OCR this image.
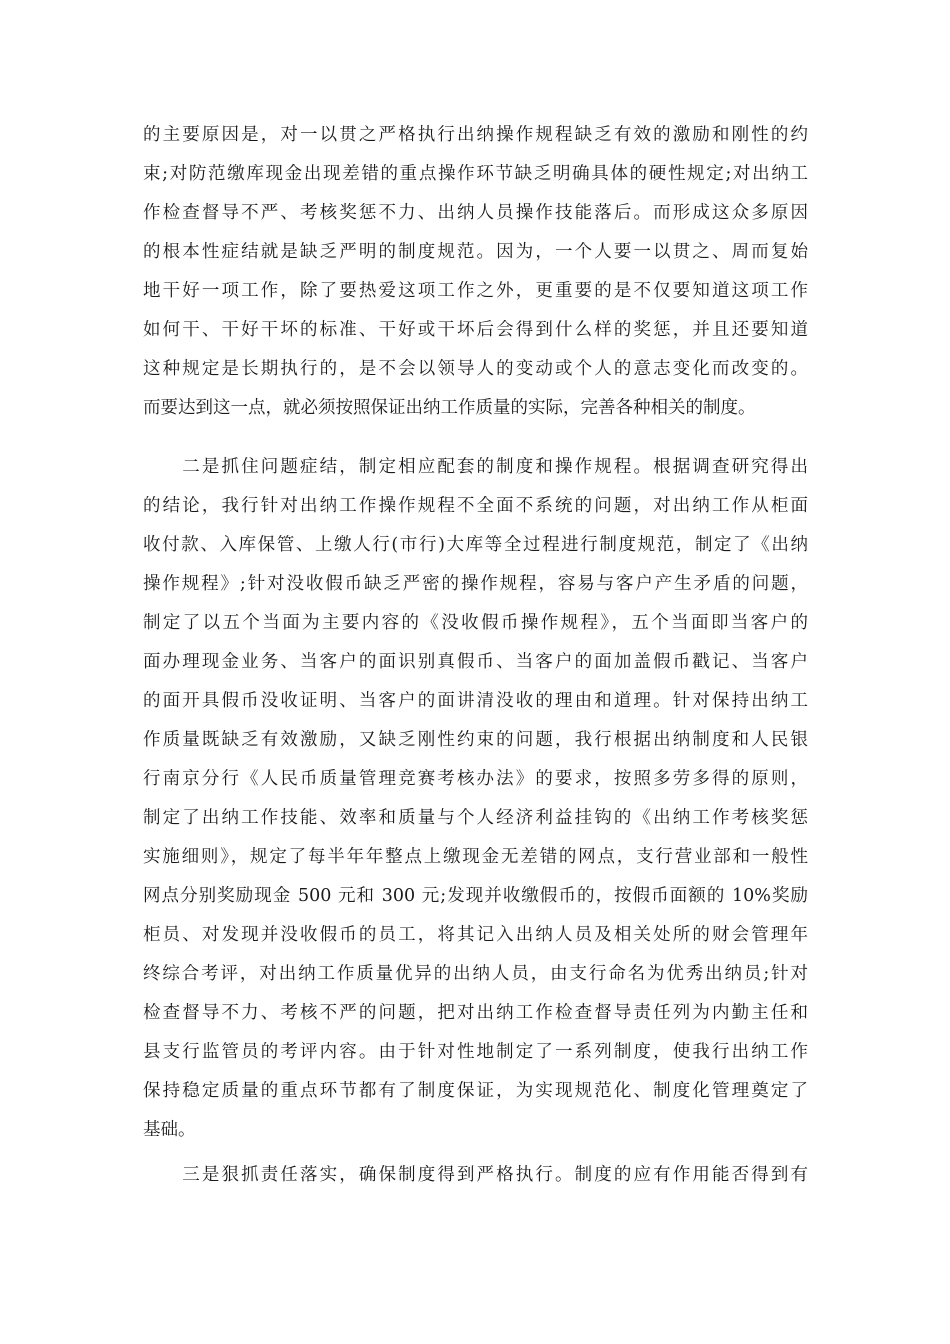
的主要原因是，对一以贯之严格执行出纳操作规程缺乏有效的激励和刚性的约
束;对防范缴库现金出现差错的重点操作环节缺乏明确具体的硬性规定;对出纳工
作检查督导不严、考核奖惩不力、出纳人员操作技能落后。而形成这众多原因
的根本性症结就是缺乏严明的制度规范。因为，一个人要一以贯之、周而复始
地干好一项工作，除了要热爱这项工作之外，更重要的是不仅要知道这项工作
如何干、干好干坏的标准、干好或干坏后会得到什么样的奖惩，并且还要知道
这种规定是长期执行的，是不会以领导人的变动或个人的意志变化而改变的。
而要达到这一点，就必须按照保证出纳工作质量的实际，完善各种相关的制度。
　　二是抓住问题症结，制定相应配套的制度和操作规程。根据调查研究得出
的结论，我行针对出纳工作操作规程不全面不系统的问题，对出纳工作从柜面
收付款、入库保管、上缴人行(市行)大库等全过程进行制度规范，制定了《出纳
操作规程》;针对没收假币缺乏严密的操作规程，容易与客户产生矛盾的问题，
制定了以五个当面为主要内容的《没收假币操作规程》，五个当面即当客户的
面办理现金业务、当客户的面识别真假币、当客户的面加盖假币戳记、当客户
的面开具假币没收证明、当客户的面讲清没收的理由和道理。针对保持出纳工
作质量既缺乏有效激励，又缺乏刚性约束的问题，我行根据出纳制度和人民银
行南京分行《人民币质量管理竞赛考核办法》的要求，按照多劳多得的原则，
制定了出纳工作技能、效率和质量与个人经济利益挂钩的《出纳工作考核奖惩
实施细则》，规定了每半年年整点上缴现金无差错的网点，支行营业部和一般性
网点分别奖励现金 500 元和 300 元;发现并收缴假币的，按假币面额的 10%奖励
柜员、对发现并没收假币的员工，将其记入出纳人员及相关处所的财会管理年
终综合考评，对出纳工作质量优异的出纳人员，由支行命名为优秀出纳员;针对
检查督导不力、考核不严的问题，把对出纳工作检查督导责任列为内勤主任和
县支行监管员的考评内容。由于针对性地制定了一系列制度，使我行出纳工作
保持稳定质量的重点环节都有了制度保证，为实现规范化、制度化管理奠定了
基础。
　　三是狠抓责任落实，确保制度得到严格执行。制度的应有作用能否得到有
